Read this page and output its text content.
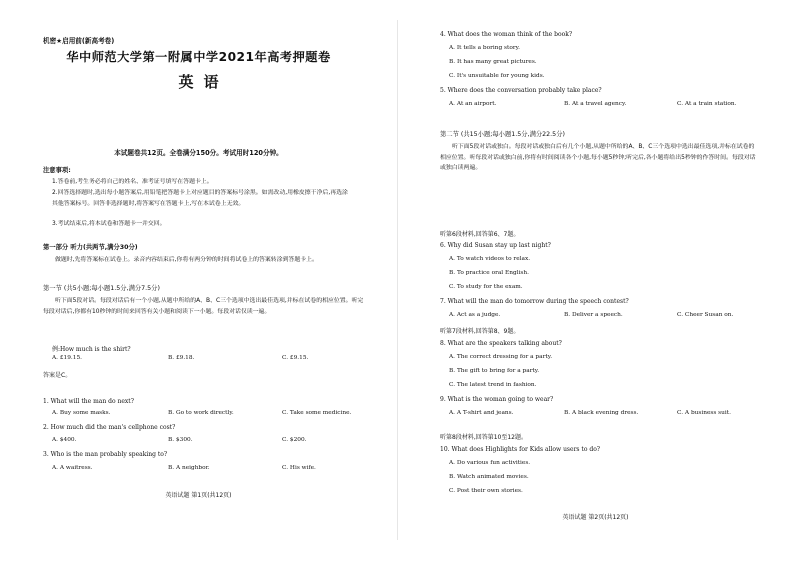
机密★启用前(新高考卷)
华中师范大学第一附属中学2021年高考押题卷
英语
本试题卷共12页。全卷满分150分。考试用时120分钟。
注意事项:
1.答卷前,考生务必将自己的姓名、准考证号填写在答题卡上。
2.回答选择题时,选出每小题答案后,用铅笔把答题卡上对应题目的答案标号涂黑。如需改动,用橡皮擦干净后,再选涂其他答案标号。回答非选择题时,将答案写在答题卡上,写在本试卷上无效。
3.考试结束后,将本试卷和答题卡一并交回。
第一部分 听力(共两节,满分30分)
做题时,先将答案标在试卷上。录音内容结束后,你将有两分钟的时间将试卷上的答案转涂到答题卡上。
第一节 (共5小题;每小题1.5分,满分7.5分)
听下面5段对话。每段对话后有一个小题,从题中所给的A、B、C三个选项中选出最佳选项,并标在试卷的相应位置。听完每段对话后,你都有10秒钟的时间来回答有关小题和阅读下一小题。每段对话仅读一遍。
例:How much is the shirt?
A. £19.15.	B. £9.18.	C. £9.15.
答案是C。
1. What will the man do next?
A. Buy some masks.	B. Go to work directly.	C. Take some medicine.
2. How much did the man's cellphone cost?
A. $400.	B. $300.	C. $200.
3. Who is the man probably speaking to?
A. A waitress.	B. A neighbor.	C. His wife.
英语试题 第1页(共12页)
4. What does the woman think of the book?
A. It tells a boring story.
B. It has many great pictures.
C. It's unsuitable for young kids.
5. Where does the conversation probably take place?
A. At an airport.	B. At a travel agency.	C. At a train station.
第二节 (共15小题;每小题1.5分,满分22.5分)
听下面5段对话或独白。每段对话或独白后有几个小题,从题中所给的A、B、C三个选项中选出最佳选项,并标在试卷的相应位置。听每段对话或独白前,你将有时间阅读各个小题,每小题5秒钟;听完后,各小题将给出5秒钟的作答时间。每段对话或独白读两遍。
听第6段材料,回答第6、7题。
6. Why did Susan stay up last night?
A. To watch videos to relax.
B. To practice oral English.
C. To study for the exam.
7. What will the man do tomorrow during the speech contest?
A. Act as a judge.	B. Deliver a speech.	C. Cheer Susan on.
听第7段材料,回答第8、9题。
8. What are the speakers talking about?
A. The correct dressing for a party.
B. The gift to bring for a party.
C. The latest trend in fashion.
9. What is the woman going to wear?
A. A T-shirt and jeans.	B. A black evening dress.	C. A business suit.
听第8段材料,回答第10至12题。
10. What does Highlights for Kids allow users to do?
A. Do various fun activities.
B. Watch animated movies.
C. Post their own stories.
英语试题 第2页(共12页)
